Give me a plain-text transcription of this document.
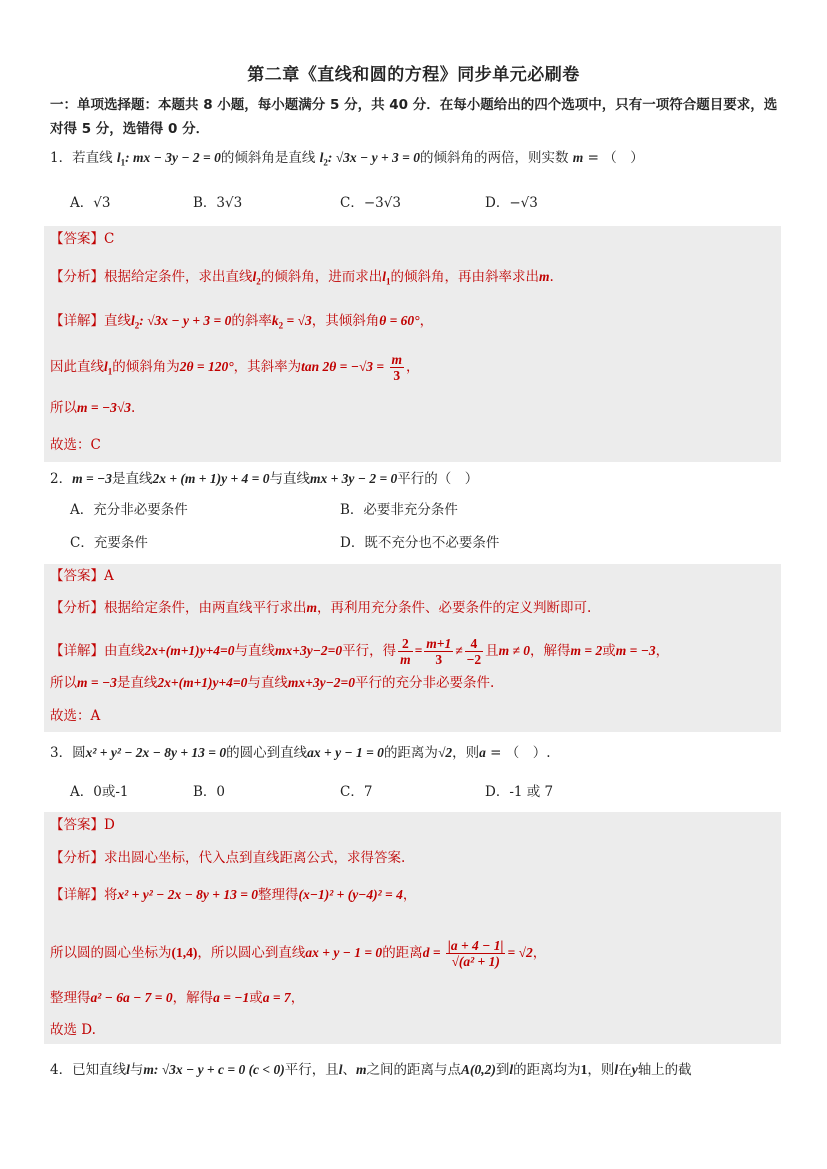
第二章《直线和圆的方程》同步单元必刷卷
一：单项选择题：本题共 8 小题，每小题满分 5 分，共 40 分．在每小题给出的四个选项中，只有一项符合题目要求，选对得 5 分，选错得 0 分．
1．若直线 $l_1$: mx − 3y − 2 = 0的倾斜角是直线 $l_2$: √3x − y + 3 = 0的倾斜角的两倍，则实数 m = （　）
A．√3	B．3√3	C．−3√3	D．−√3
【答案】C
【分析】根据给定条件，求出直线$l_2$的倾斜角，进而求出$l_1$的倾斜角，再由斜率求出m.
【详解】直线$l_2$: √3x − y + 3 = 0的斜率$k_2 = √3$，其倾斜角θ = 60°，
因此直线$l_1$的倾斜角为2θ = 120°，其斜率为$\tan 2\theta = -√3 = \frac{m}{3}$ ，
所以m = −3√3.
故选：C
2．m = −3是直线2x + (m + 1)y + 4 = 0与直线mx + 3y − 2 = 0平行的（　）
A．充分非必要条件	B．必要非充分条件
C．充要条件	D．既不充分也不必要条件
【答案】A
【分析】根据给定条件，由两直线平行求出m，再利用充分条件、必要条件的定义判断即可.
【详解】由直线2x+(m+1)y+4=0与直线mx+3y−2=0平行，得 $\frac{2}{m} = \frac{m+1}{3} \ne \frac{4}{-2}$ 且m ≠ 0，解得m = 2或m = −3，
所以m = −3是直线2x+(m+1)y+4=0与直线mx+3y−2=0平行的充分非必要条件.
故选：A
3．圆x² + y² − 2x − 8y + 13 = 0的圆心到直线ax + y − 1 = 0的距离为√2，则a = （　）.
A．0或-1	B．0	C．7	D．-1 或 7
【答案】D
【分析】求出圆心坐标，代入点到直线距离公式，求得答案.
【详解】将x² + y² − 2x − 8y + 13 = 0整理得(x−1)² + (y−4)² = 4，
所以圆的圆心坐标为(1,4)，所以圆心到直线ax + y − 1 = 0的距离$d = \frac{|a + 4 - 1|}{\text{√(a² + 1)}} = √2$，
整理得a² − 6a − 7 = 0，解得a = −1或a = 7，
故选 D.
4．已知直线l与m: √3x − y + c = 0 (c < 0)平行，且l、m之间的距离与点A(0,2)到l的距离均为1，则l在y轴上的截
